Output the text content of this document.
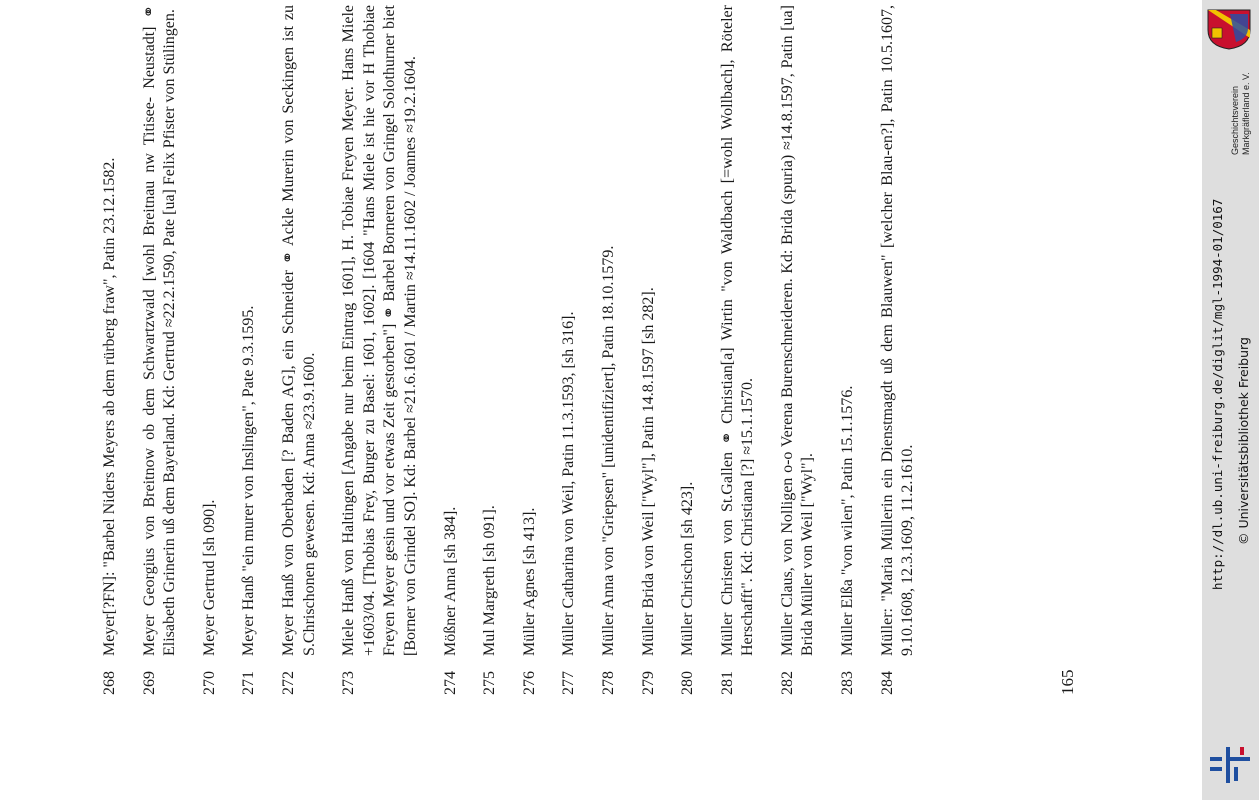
268
Meyer[?FN]: "Barbel Niders Meyers ab dem rürberg fraw", Patin 23.12.1582.
269
Meyer Georgius von Breitnow ob dem Schwartzwald [wohl Breitnau nw Titisee- Neustadt] ⚭ Elisabeth Grinerin uß dem Bayerland. Kd: Gertrud ≈22.2.1590, Pate [ua] Felix Pfister von Stülingen.
270
Meyer Gertrud [sh 090].
271
Meyer Hanß "ein murer von Inslingen", Pate 9.3.1595.
272
Meyer Hanß von Oberbaden [? Baden AG], ein Schneider ⚭ Ackle Murerin von Seckingen ist zu S.Chrischonen gewesen. Kd: Anna ≈23.9.1600.
273
Miele Hanß von Haltingen [Angabe nur beim Eintrag 1601], H. Tobiae Freyen Meyer. Hans Miele +1603/04. [Thobias Frey, Burger zu Basel: 1601, 1602]. [1604 "Hans Miele ist hie vor H Thobiae Freyen Meyer gesin und vor etwas Zeit gestorben"] ⚭ Barbel Borneren von Gringel Solothurner biet [Borner von Grindel SO]. Kd: Barbel ≈21.6.1601 / Martin ≈14.11.1602 / Joannes ≈19.2.1604.
274
Mößner Anna [sh 384].
275
Mul Margreth [sh 091].
276
Müller Agnes [sh 413].
277
Müller Catharina von Weil, Patin 11.3.1593, [sh 316].
278
Müller Anna von "Griepsen" [unidentifiziert], Patin 18.10.1579.
279
Müller Brida von Weil ["Wyl"], Patin 14.8.1597 [sh 282].
280
Müller Chrischon [sh 423].
281
Müller Christen von St.Gallen ⚭ Christian[a] Wirtin "von Waldbach [=wohl Wollbach], Röteler Herschafft". Kd: Christiana [?] ≈15.1.1570.
282
Müller Claus, von Nolligen o-o Verena Burenschneideren. Kd: Brida (spuria) ≈14.8.1597, Patin [ua] Brida Müller von Weil ["Wyl"].
283
Müller Elßa "von wilen", Patin 15.1.1576.
284
Müller: "Maria Müllerin ein Dienstmagdt uß dem Blauwen" [welcher Blau-en?], Patin 10.5.1607, 9.10.1608, 12.3.1609, 11.2.1610.
165
Geschichtsverein Markgräflerland e. V.
http://dl.ub.uni-freiburg.de/diglit/mgl-1994-01/0167 © Universitätsbibliothek Freiburg
